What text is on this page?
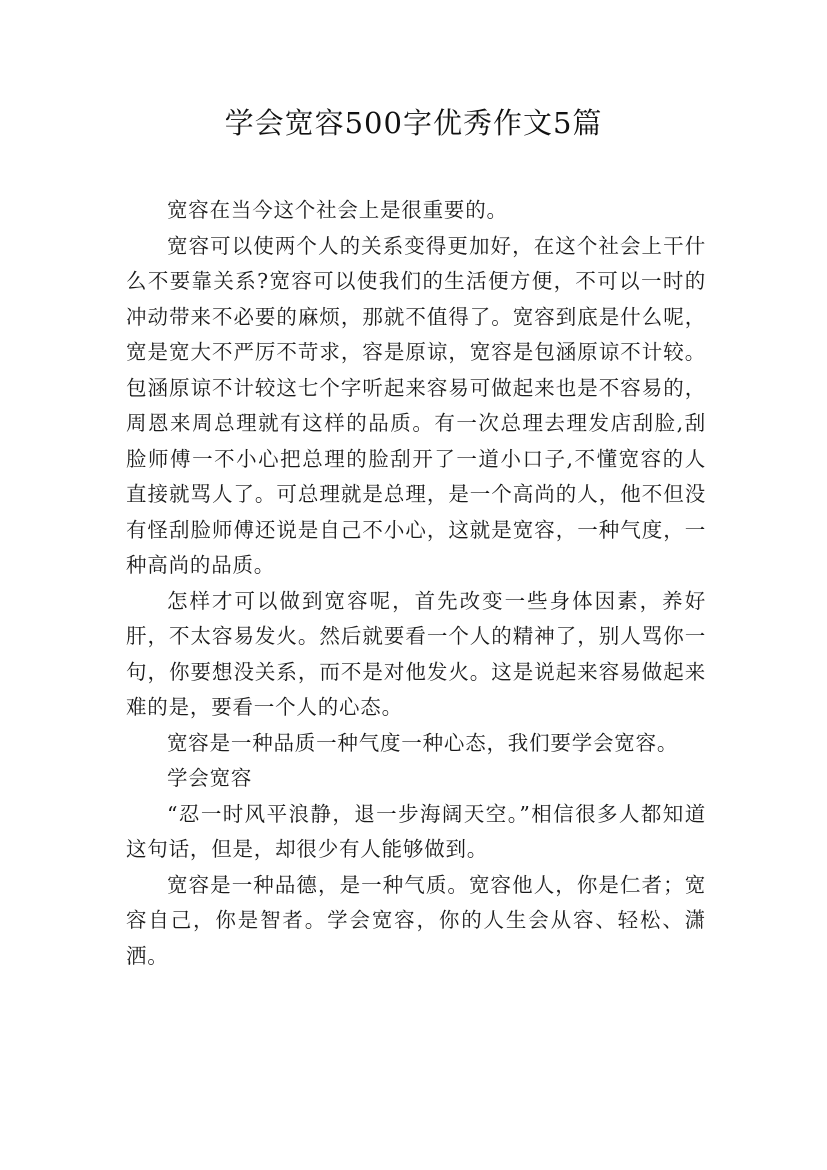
学会宽容500字优秀作文5篇

宽容在当今这个社会上是很重要的。

宽容可以使两个人的关系变得更加好，在这个社会上干什么不要靠关系?宽容可以使我们的生活便方便，不可以一时的冲动带来不必要的麻烦，那就不值得了。宽容到底是什么呢，宽是宽大不严厉不苛求，容是原谅，宽容是包涵原谅不计较。包涵原谅不计较这七个字听起来容易可做起来也是不容易的，周恩来周总理就有这样的品质。有一次总理去理发店刮脸,刮脸师傅一不小心把总理的脸刮开了一道小口子,不懂宽容的人直接就骂人了。可总理就是总理，是一个高尚的人，他不但没有怪刮脸师傅还说是自己不小心，这就是宽容，一种气度，一种高尚的品质。

怎样才可以做到宽容呢，首先改变一些身体因素，养好肝，不太容易发火。然后就要看一个人的精神了，别人骂你一句，你要想没关系，而不是对他发火。这是说起来容易做起来难的是，要看一个人的心态。

宽容是一种品质一种气度一种心态，我们要学会宽容。

学会宽容

“忍一时风平浪静，退一步海阔天空。”相信很多人都知道这句话，但是，却很少有人能够做到。

宽容是一种品德，是一种气质。宽容他人，你是仁者；宽容自己，你是智者。学会宽容，你的人生会从容、轻松、潇洒。
